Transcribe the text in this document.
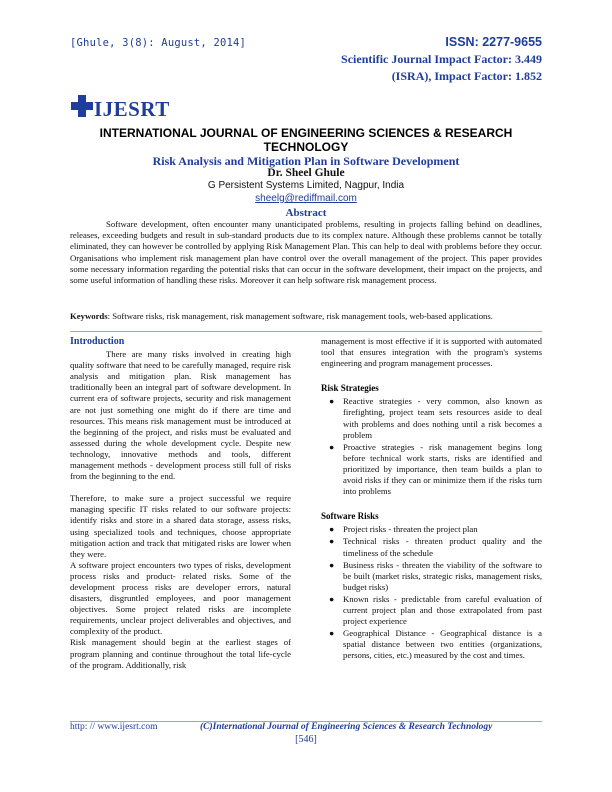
[Ghule, 3(8): August, 2014]	ISSN: 2277-9655
Scientific Journal Impact Factor: 3.449
(ISRA), Impact Factor: 1.852
IJESRT
INTERNATIONAL JOURNAL OF ENGINEERING SCIENCES & RESEARCH TECHNOLOGY
Risk Analysis and Mitigation Plan in Software Development
Dr. Sheel Ghule
G Persistent Systems Limited, Nagpur, India
sheelg@rediffmail.com
Abstract
Software development, often encounter many unanticipated problems, resulting in projects falling behind on deadlines, releases, exceeding budgets and result in sub-standard products due to its complex nature. Although these problems cannot be totally eliminated, they can however be controlled by applying Risk Management Plan. This can help to deal with problems before they occur. Organisations who implement risk management plan have control over the overall management of the project. This paper provides some necessary information regarding the potential risks that can occur in the software development, their impact on the projects, and some useful information of handling these risks. Moreover it can help software risk management process.
Keywords: Software risks, risk management, risk management software, risk management tools, web-based applications.
Introduction

There are many risks involved in creating high quality software that need to be carefully managed, require risk analysis and mitigation plan. Risk management has traditionally been an integral part of software development. In current era of software projects, security and risk management are not just something one might do if there are time and resources. This means risk management must be introduced at the beginning of the project, and risks must be evaluated and assessed during the whole development cycle. Despite new technology, innovative methods and tools, different management methods - development process still full of risks from the beginning to the end.

Therefore, to make sure a project successful we require managing specific IT risks related to our software projects: identify risks and store in a shared data storage, assess risks, using specialized tools and techniques, choose appropriate mitigation action and track that mitigated risks are lower when they were.

A software project encounters two types of risks, development process risks and product- related risks. Some of the development process risks are developer errors, natural disasters, disgruntled employees, and poor management objectives. Some project related risks are incomplete requirements, unclear project deliverables and objectives, and complexity of the product.

Risk management should begin at the earliest stages of program planning and continue throughout the total life-cycle of the program. Additionally, risk

management is most effective if it is supported with automated tool that ensures integration with the program's systems engineering and program management processes.

Risk Strategies
● Reactive strategies - very common, also known as firefighting, project team sets resources aside to deal with problems and does nothing until a risk becomes a problem
● Proactive strategies - risk management begins long before technical work starts, risks are identified and prioritized by importance, then team builds a plan to avoid risks if they can or minimize them if the risks turn into problems
Software Risks
● Project risks - threaten the project plan
● Technical risks - threaten product quality and the timeliness of the schedule
● Business risks - threaten the viability of the software to be built (market risks, strategic risks, management risks, budget risks)
● Known risks - predictable from careful evaluation of current project plan and those extrapolated from past project experience
● Geographical Distance - Geographical distance is a spatial distance between two entities (organizations, persons, cities, etc.) measured by the cost and times.
http: // www.ijesrt.com	(C)International Journal of Engineering Sciences & Research Technology
[546]
